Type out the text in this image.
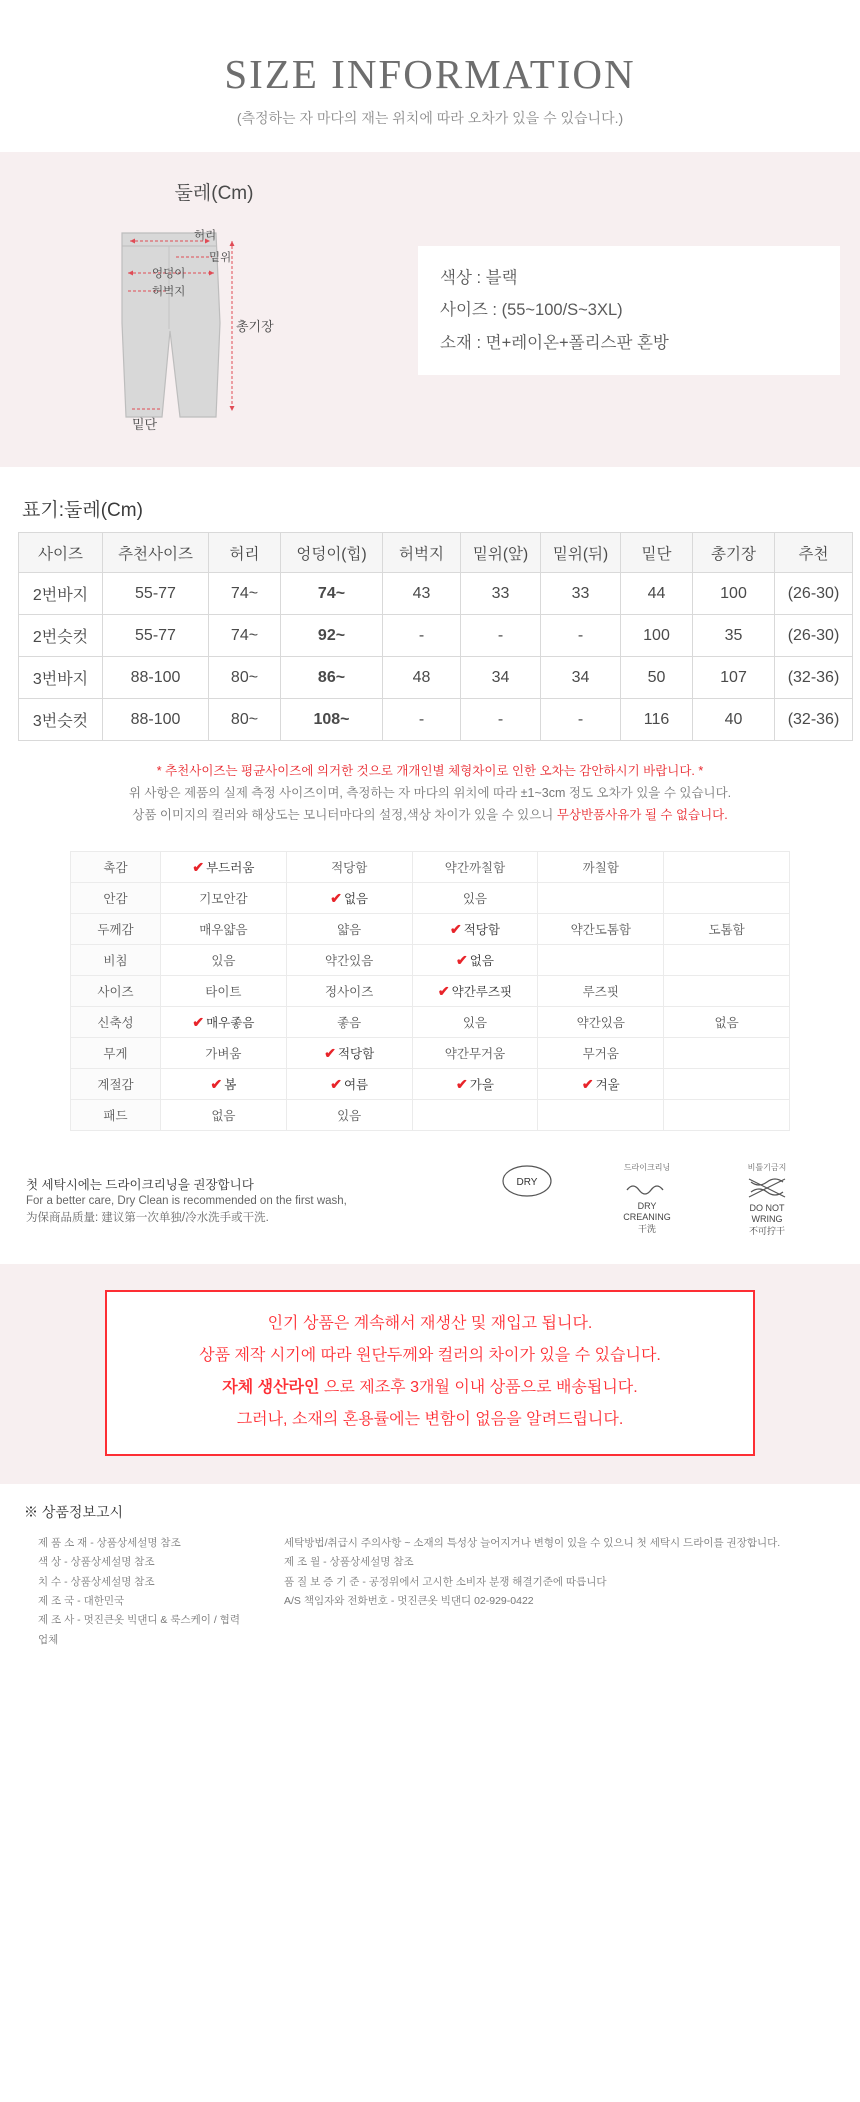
SIZE INFORMATION

(측정하는 자 마다의 재는 위치에 따라 오차가 있을 수 있습니다.)

둘레(Cm)
허리
밑위
엉덩이
허벅지
총기장
밑단
색상 : 블랙
사이즈 : (55~100/S~3XL)
소재 : 면+레이온+폴리스판 혼방
표기:둘레(Cm)
사이즈	추천사이즈	허리	엉덩이(힙)	허벅지	밑위(앞)	밑위(뒤)	밑단	총기장	추천
2번바지	55-77	74~	74~	43	33	33	44	100	(26-30)
2번슷컷	55-77	74~	92~	-	-	-	100	35	(26-30)
3번바지	88-100	80~	86~	48	34	34	50	107	(32-36)
3번슷컷	88-100	80~	108~	-	-	-	116	40	(32-36)
* 추천사이즈는 평균사이즈에 의거한 것으로 개개인별 체형차이로 인한 오차는 감안하시기 바랍니다. *
위 사항은 제품의 실제 측정 사이즈이며, 측정하는 자 마다의 위치에 따라 ±1~3cm 정도 오차가 있을 수 있습니다.
상품 이미지의 컬러와 해상도는 모니터마다의 설정,색상 차이가 있을 수 있으니 무상반품사유가 될 수 없습니다.
촉감	✔ 부드러움	적당함	약간까칠함	까칠함	
안감	기모안감	✔ 없음	있음		
두께감	매우얇음	얇음	✔ 적당함	약간도톰함	도톰함
비침	있음	약간있음	✔ 없음		
사이즈	타이트	정사이즈	✔ 약간루즈핏	루즈핏	
신축성	✔ 매우좋음	좋음	있음	약간있음	없음
무게	가벼움	✔ 적당함	약간무거움	무거움	
계절감	✔ 봄	✔ 여름	✔ 가을	✔ 겨울	
패드	없음	있음			
첫 세탁시에는 드라이크리닝을 권장합니다
For a better care, Dry Clean is recommended on the first wash,
为保商品质量: 建议第一次单独/冷水洗手或干洗.
DRY
드라이크리닝
DRY
CREANING
干洗
비틀기금지
DO NOT
WRING
不可拧干
인기 상품은 계속해서 재생산 및 재입고 됩니다.
상품 제작 시기에 따라 원단두께와 컬러의 차이가 있을 수 있습니다.
자체 생산라인 으로 제조후 3개월 이내 상품으로 배송됩니다.
그러나, 소재의 혼용률에는 변함이 없음을 알려드립니다.
※ 상품정보고시
제 품 소 재 - 상품상세설명 참조
색 상 - 상품상세설명 참조
치 수 - 상품상세설명 참조
제 조 국 - 대한민국
제 조 사 - 멋진큰옷 빅댄디 & 룩스케이 / 협력업체
세탁방법/취급시 주의사항 ~ 소재의 특성상 늘어지거나 변형이 있을 수 있으니 첫 세탁시 드라이를 권장합니다.
제 조 월 - 상품상세설명 참조
품 질 보 증 기 준 - 공정위에서 고시한 소비자 분쟁 해결기준에 따릅니다
A/S 책임자와 전화번호 - 멋진큰옷 빅댄디 02-929-0422
